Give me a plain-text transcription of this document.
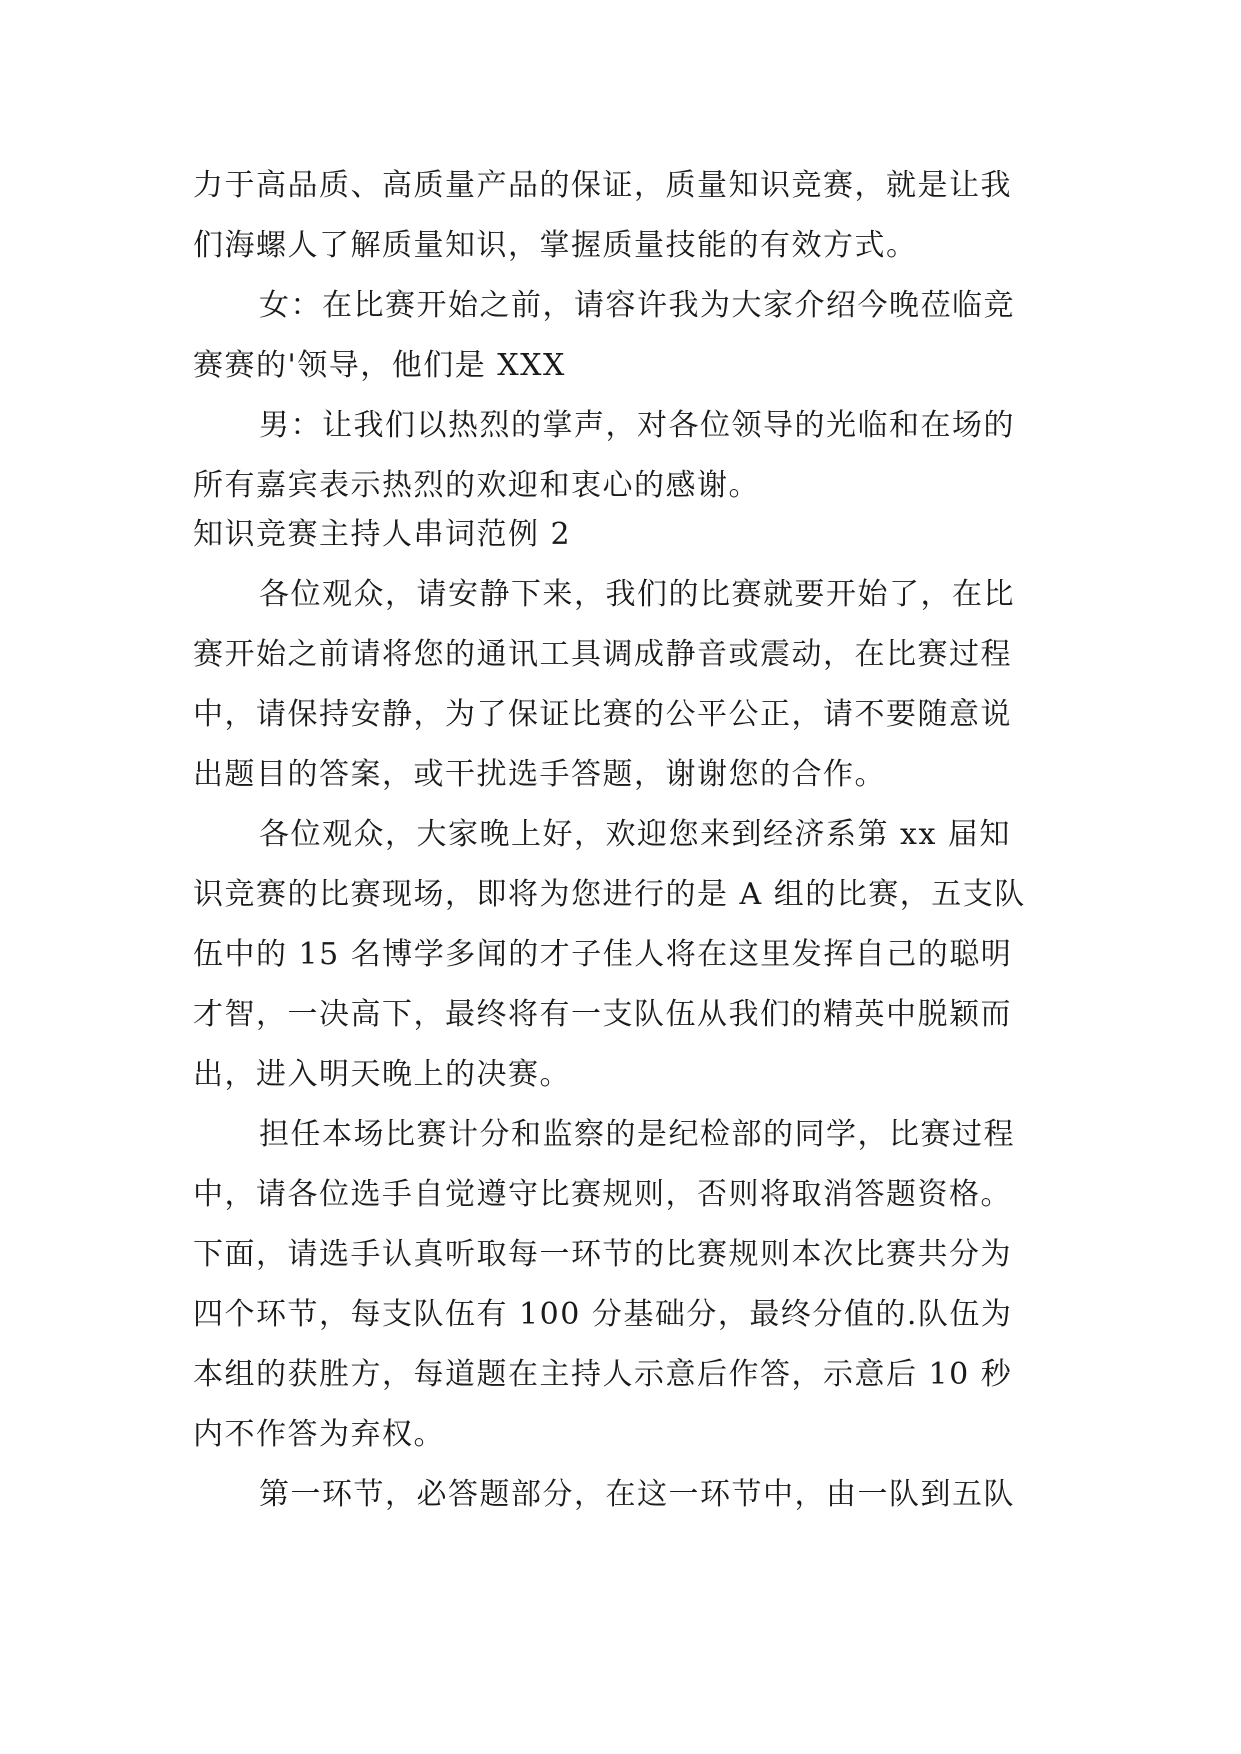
力于高品质、高质量产品的保证，质量知识竞赛，就是让我
们海螺人了解质量知识，掌握质量技能的有效方式。
女：在比赛开始之前，请容许我为大家介绍今晚莅临竞
赛赛的'领导，他们是 XXX
男：让我们以热烈的掌声，对各位领导的光临和在场的
所有嘉宾表示热烈的欢迎和衷心的感谢。
知识竞赛主持人串词范例 2
各位观众，请安静下来，我们的比赛就要开始了，在比
赛开始之前请将您的通讯工具调成静音或震动，在比赛过程
中，请保持安静，为了保证比赛的公平公正，请不要随意说
出题目的答案，或干扰选手答题，谢谢您的合作。
各位观众，大家晚上好，欢迎您来到经济系第 xx 届知
识竞赛的比赛现场，即将为您进行的是 A 组的比赛，五支队
伍中的 15 名博学多闻的才子佳人将在这里发挥自己的聪明
才智，一决高下，最终将有一支队伍从我们的精英中脱颖而
出，进入明天晚上的决赛。
担任本场比赛计分和监察的是纪检部的同学，比赛过程
中，请各位选手自觉遵守比赛规则，否则将取消答题资格。
下面，请选手认真听取每一环节的比赛规则本次比赛共分为
四个环节，每支队伍有 100 分基础分，最终分值的.队伍为
本组的获胜方，每道题在主持人示意后作答，示意后 10 秒
内不作答为弃权。
第一环节，必答题部分，在这一环节中，由一队到五队
